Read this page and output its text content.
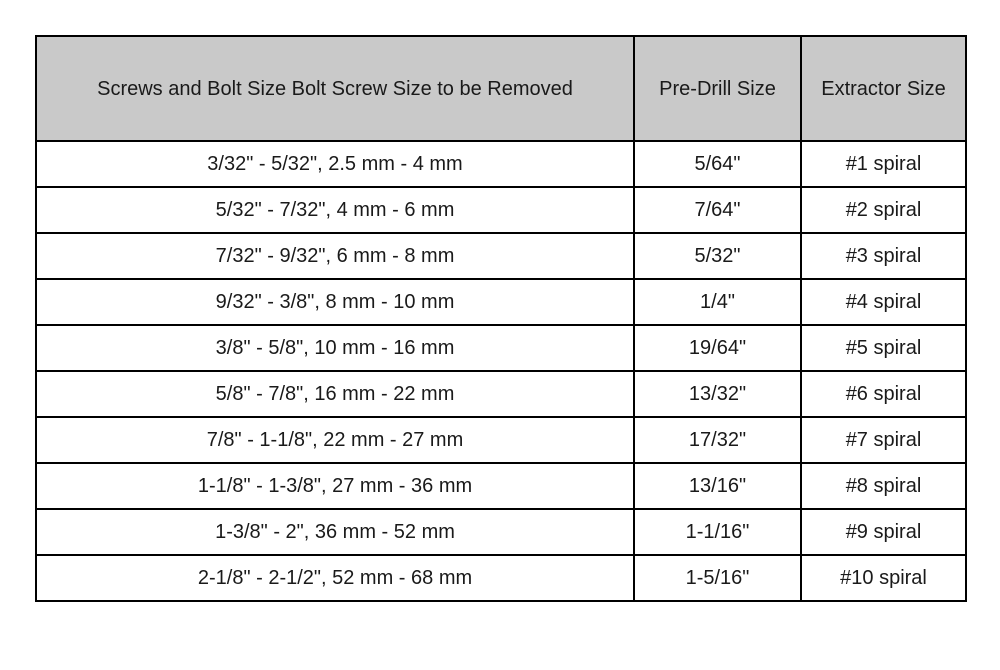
Screws and Bolt Size Bolt Screw Size to be Removed	Pre-Drill Size	Extractor Size
3/32" - 5/32", 2.5 mm - 4 mm	5/64"	#1 spiral
5/32" - 7/32", 4 mm - 6 mm	7/64"	#2 spiral
7/32" - 9/32", 6 mm - 8 mm	5/32"	#3 spiral
9/32" - 3/8", 8 mm - 10 mm	1/4"	#4 spiral
3/8" - 5/8", 10 mm - 16 mm	19/64"	#5 spiral
5/8" - 7/8", 16 mm - 22 mm	13/32"	#6 spiral
7/8" - 1-1/8", 22 mm - 27 mm	17/32"	#7 spiral
1-1/8" - 1-3/8", 27 mm - 36 mm	13/16"	#8 spiral
1-3/8" - 2", 36 mm - 52 mm	1-1/16"	#9 spiral
2-1/8" - 2-1/2", 52 mm - 68 mm	1-5/16"	#10 spiral
